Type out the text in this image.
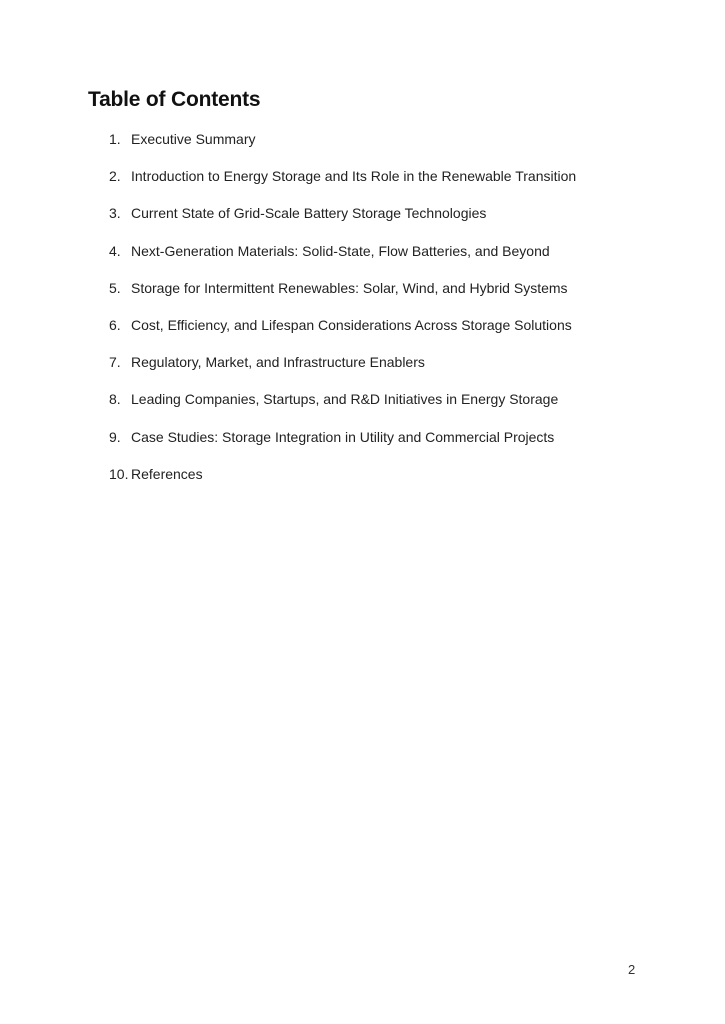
Table of Contents
1. Executive Summary
2. Introduction to Energy Storage and Its Role in the Renewable Transition
3. Current State of Grid-Scale Battery Storage Technologies
4. Next-Generation Materials: Solid-State, Flow Batteries, and Beyond
5. Storage for Intermittent Renewables: Solar, Wind, and Hybrid Systems
6. Cost, Efficiency, and Lifespan Considerations Across Storage Solutions
7. Regulatory, Market, and Infrastructure Enablers
8. Leading Companies, Startups, and R&D Initiatives in Energy Storage
9. Case Studies: Storage Integration in Utility and Commercial Projects
10. References
2
